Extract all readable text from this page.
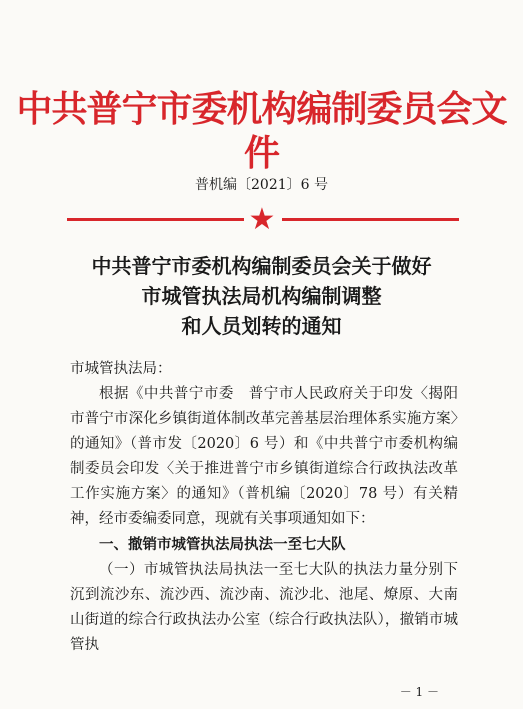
中共普宁市委机构编制委员会文件
普机编〔2021〕6 号
★
中共普宁市委机构编制委员会关于做好
市城管执法局机构编制调整
和人员划转的通知

市城管执法局：

根据《中共普宁市委　普宁市人民政府关于印发〈揭阳市普宁市深化乡镇街道体制改革完善基层治理体系实施方案〉的通知》（普市发〔2020〕6 号）和《中共普宁市委机构编制委员会印发〈关于推进普宁市乡镇街道综合行政执法改革工作实施方案〉的通知》（普机编〔2020〕78 号）有关精神，经市委编委同意，现就有关事项通知如下：

一、撤销市城管执法局执法一至七大队

（一）市城管执法局执法一至七大队的执法力量分别下沉到流沙东、流沙西、流沙南、流沙北、池尾、燎原、大南山街道的综合行政执法办公室（综合行政执法队），撤销市城管执

－ 1 －
